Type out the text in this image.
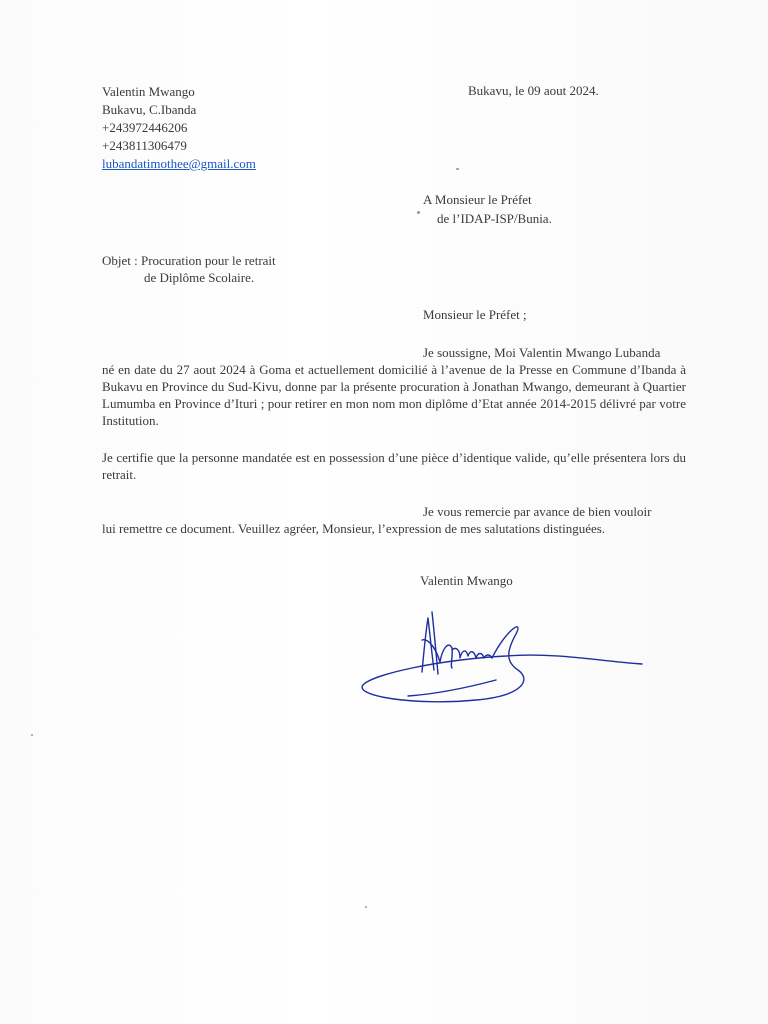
Valentin Mwango
Bukavu, C.Ibanda
+243972446206
+243811306479
lubandatimothee@gmail.com
Bukavu, le 09 aout 2024.
A Monsieur le Préfet
de l’IDAP-ISP/Bunia.
Objet : Procuration pour le retrait
de Diplôme Scolaire.
Monsieur le Préfet ;
Je soussigne, Moi Valentin Mwango Lubanda
né en date du 27 aout 2024 à Goma et actuellement domicilié à l’avenue de la Presse en Commune d’Ibanda à Bukavu en Province du Sud-Kivu, donne par la présente procuration à Jonathan Mwango, demeurant à Quartier Lumumba en Province d’Ituri ; pour retirer en mon nom mon diplôme d’Etat année 2014-2015 délivré par votre Institution.
Je certifie que la personne mandatée est en possession d’une pièce d’identique valide, qu’elle présentera lors du retrait.
Je vous remercie par avance de bien vouloir
lui remettre ce document. Veuillez agréer, Monsieur, l’expression de mes salutations distinguées.
Valentin Mwango
